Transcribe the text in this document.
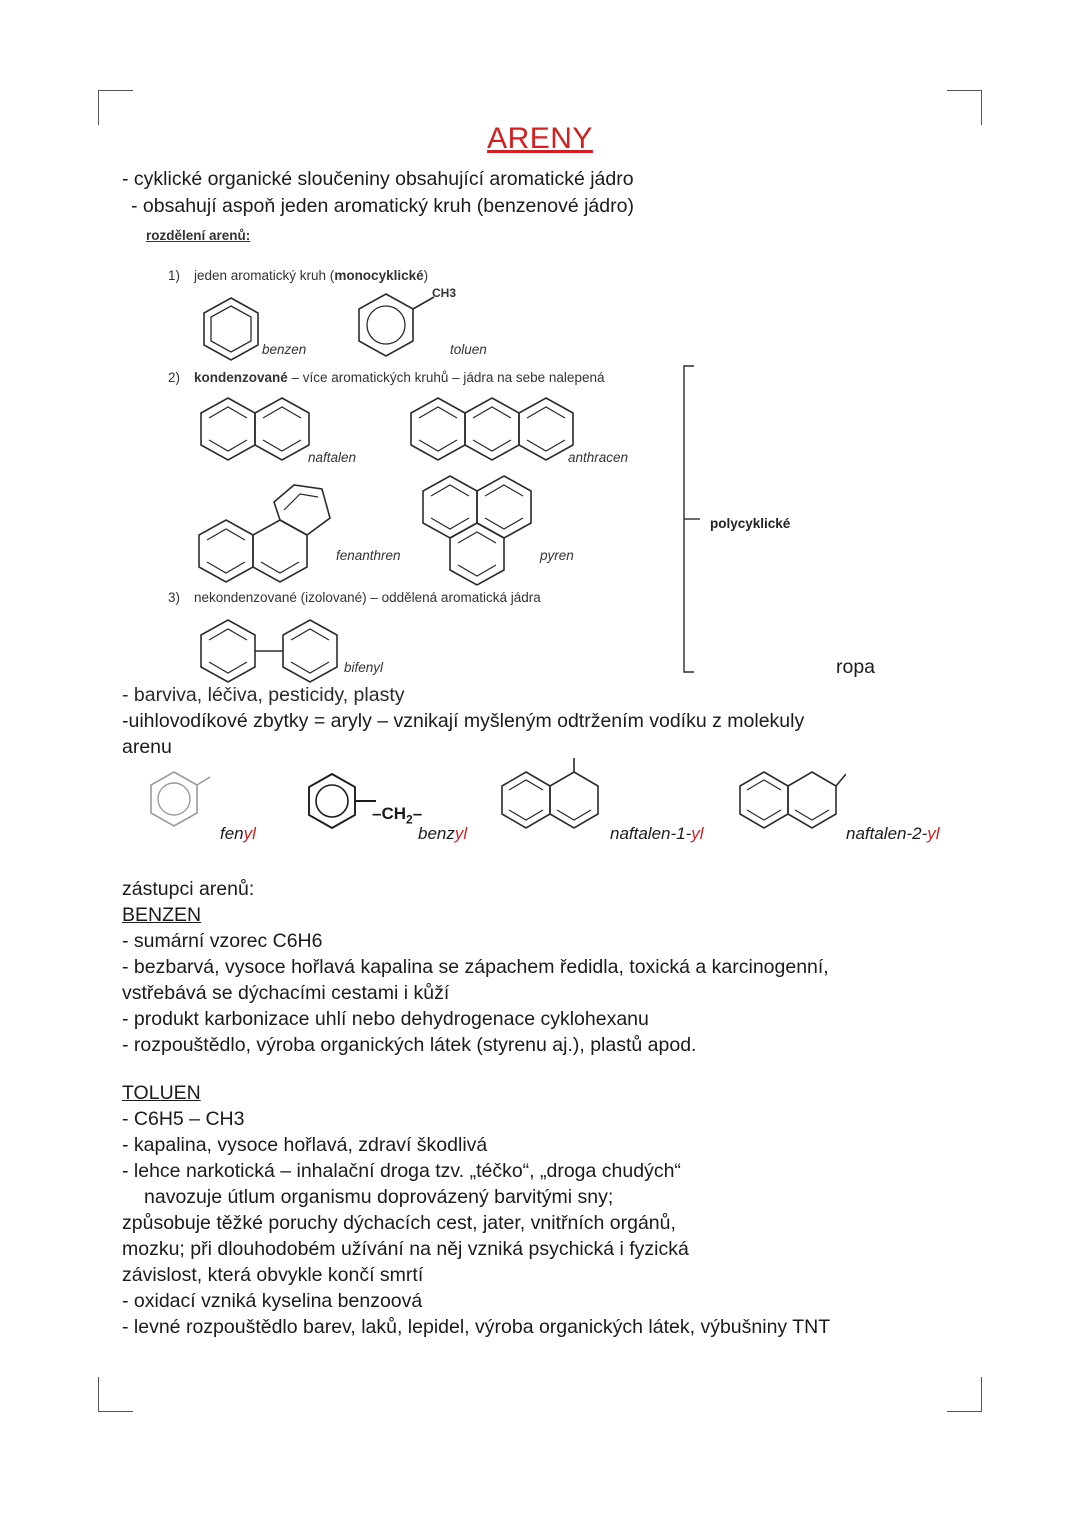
ARENY
- cyklické organické sloučeniny obsahující aromatické jádro
- obsahují aspoň jeden aromatický kruh (benzenové jádro)
rozdělení arenů:
1) jeden aromatický kruh (monocyklické)
benzen
CH3
toluen
2) kondenzované – více aromatických kruhů – jádra na sebe nalepená
naftalen	anthracen
fenanthren	pyren
polycyklické
3) nekondenzované (izolované) – oddělená aromatická jádra
bifenyl	ropa
- barviva, léčiva, pesticidy, plasty
-uihlovodíkové zbytky = aryly – vznikají myšleným odtržením vodíku z molekuly
arenu
fenyl
$-CH_2-$
benzyl	naftalen-1-yl	naftalen-2-yl
zástupci arenů:
BENZEN
- sumární vzorec C6H6
- bezbarvá, vysoce hořlavá kapalina se zápachem ředidla, toxická a karcinogenní,
vstřebává se dýchacími cestami i kůží
- produkt karbonizace uhlí nebo dehydrogenace cyklohexanu
- rozpouštědlo, výroba organických látek (styrenu aj.), plastů apod.
TOLUEN
- C6H5 – CH3
- kapalina, vysoce hořlavá, zdraví škodlivá
- lehce narkotická – inhalační droga tzv. „téčko“, „droga chudých“
navozuje útlum organismu doprovázený barvitými sny;
způsobuje těžké poruchy dýchacích cest, jater, vnitřních orgánů,
mozku; při dlouhodobém užívání na něj vzniká psychická i fyzická
závislost, která obvykle končí smrtí
- oxidací vzniká kyselina benzoová
- levné rozpouštědlo barev, laků, lepidel, výroba organických látek, výbušniny TNT
